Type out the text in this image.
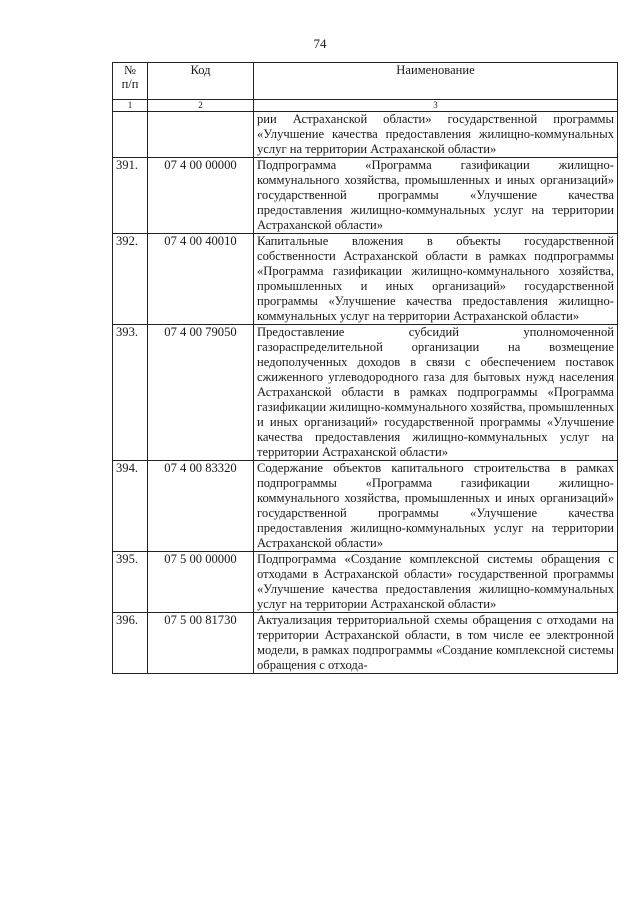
74
№
п/п	Код	Наименование
1	2	3
		рии Астраханской области» государственной программы «Улучшение качества предоставления жилищно-коммунальных услуг на территории Астраханской области»
391.	07 4 00 00000	Подпрограмма «Программа газификации жилищно-коммунального хозяйства, промышленных и иных организаций» государственной программы «Улучшение качества предоставления жилищно-коммунальных услуг на территории Астраханской области»
392.	07 4 00 40010	Капитальные вложения в объекты государственной собственности Астраханской области в рамках подпрограммы «Программа газификации жилищно-коммунального хозяйства, промышленных и иных организаций» государственной программы «Улучшение качества предоставления жилищно-коммунальных услуг на территории Астраханской области»
393.	07 4 00 79050	Предоставление субсидий уполномоченной газораспределительной организации на возмещение недополученных доходов в связи с обеспечением поставок сжиженного углеводородного газа для бытовых нужд населения Астраханской области в рамках подпрограммы «Программа газификации жилищно-коммунального хозяйства, промышленных и иных организаций» государственной программы «Улучшение качества предоставления жилищно-коммунальных услуг на территории Астраханской области»
394.	07 4 00 83320	Содержание объектов капитального строительства в рамках подпрограммы «Программа газификации жилищно-коммунального хозяйства, промышленных и иных организаций» государственной программы «Улучшение качества предоставления жилищно-коммунальных услуг на территории Астраханской области»
395.	07 5 00 00000	Подпрограмма «Создание комплексной системы обращения с отходами в Астраханской области» государственной программы «Улучшение качества предоставления жилищно-коммунальных услуг на территории Астраханской области»
396.	07 5 00 81730	Актуализация территориальной схемы обращения с отходами на территории Астраханской области, в том числе ее электронной модели, в рамках подпрограммы «Создание комплексной системы обращения с отхода-
